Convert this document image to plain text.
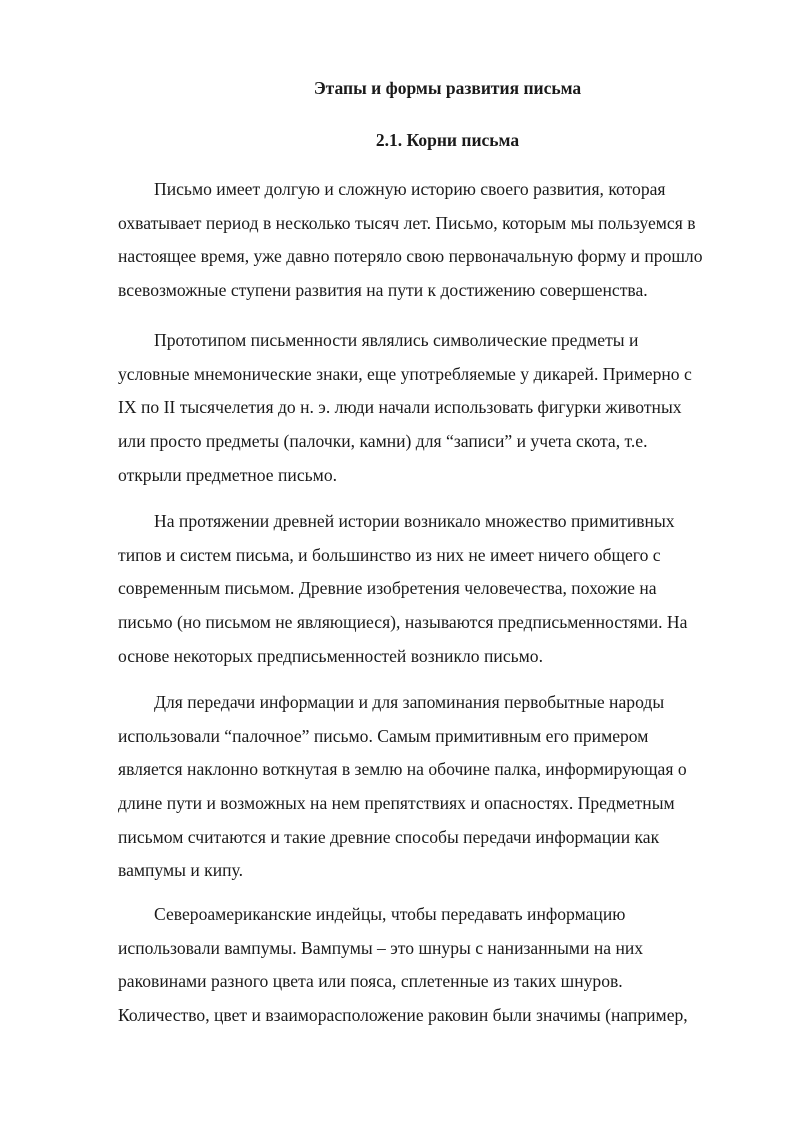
Этапы и формы развития письма
2.1. Корни письма
Письмо имеет долгую и сложную историю своего развития, которая
охватывает период в несколько тысяч лет. Письмо, которым мы пользуемся в
настоящее время, уже давно потеряло свою первоначальную форму и прошло
всевозможные ступени развития на пути к достижению совершенства.
Прототипом письменности являлись символические предметы и
условные мнемонические знаки, еще употребляемые у дикарей. Примерно с
IX по II тысячелетия до н. э. люди начали использовать фигурки животных
или просто предметы (палочки, камни) для “записи” и учета скота, т.е.
открыли предметное письмо.
На протяжении древней истории возникало множество примитивных
типов и систем письма, и большинство из них не имеет ничего общего с
современным письмом. Древние изобретения человечества, похожие на
письмо (но письмом не являющиеся), называются предписьменностями. На
основе некоторых предписьменностей возникло письмо.
Для передачи информации и для запоминания первобытные народы
использовали “палочное” письмо. Самым примитивным его примером
является наклонно воткнутая в землю на обочине палка, информирующая о
длине пути и возможных на нем препятствиях и опасностях. Предметным
письмом считаются и такие древние способы передачи информации как
вампумы и кипу.
Североамериканские индейцы, чтобы передавать информацию
использовали вампумы. Вампумы – это шнуры с нанизанными на них
раковинами разного цвета или пояса, сплетенные из таких шнуров.
Количество, цвет и взаиморасположение раковин были значимы (например,
